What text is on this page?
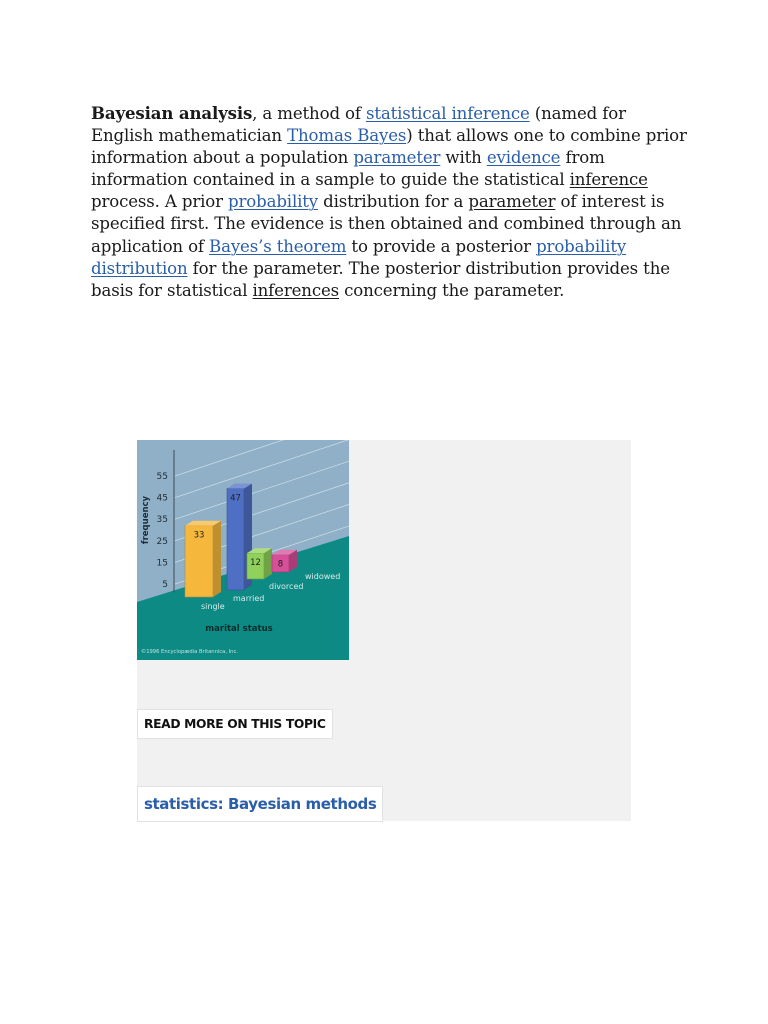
Bayesian analysis, a method of statistical inference (named for English mathematician Thomas Bayes) that allows one to combine prior information about a population parameter with evidence from information contained in a sample to guide the statistical inference process. A prior probability distribution for a parameter of interest is specified first. The evidence is then obtained and combined through an application of Bayes’s theorem to provide a posterior probability distribution for the parameter. The posterior distribution provides the basis for statistical inferences concerning the parameter.

5
15
25
35
45
55
frequency	33
47
12 8
single
married
divorced
widowed
marital status
©1996 Encyclopædia Britannica, Inc.
READ MORE ON THIS TOPIC
statistics: Bayesian methods
